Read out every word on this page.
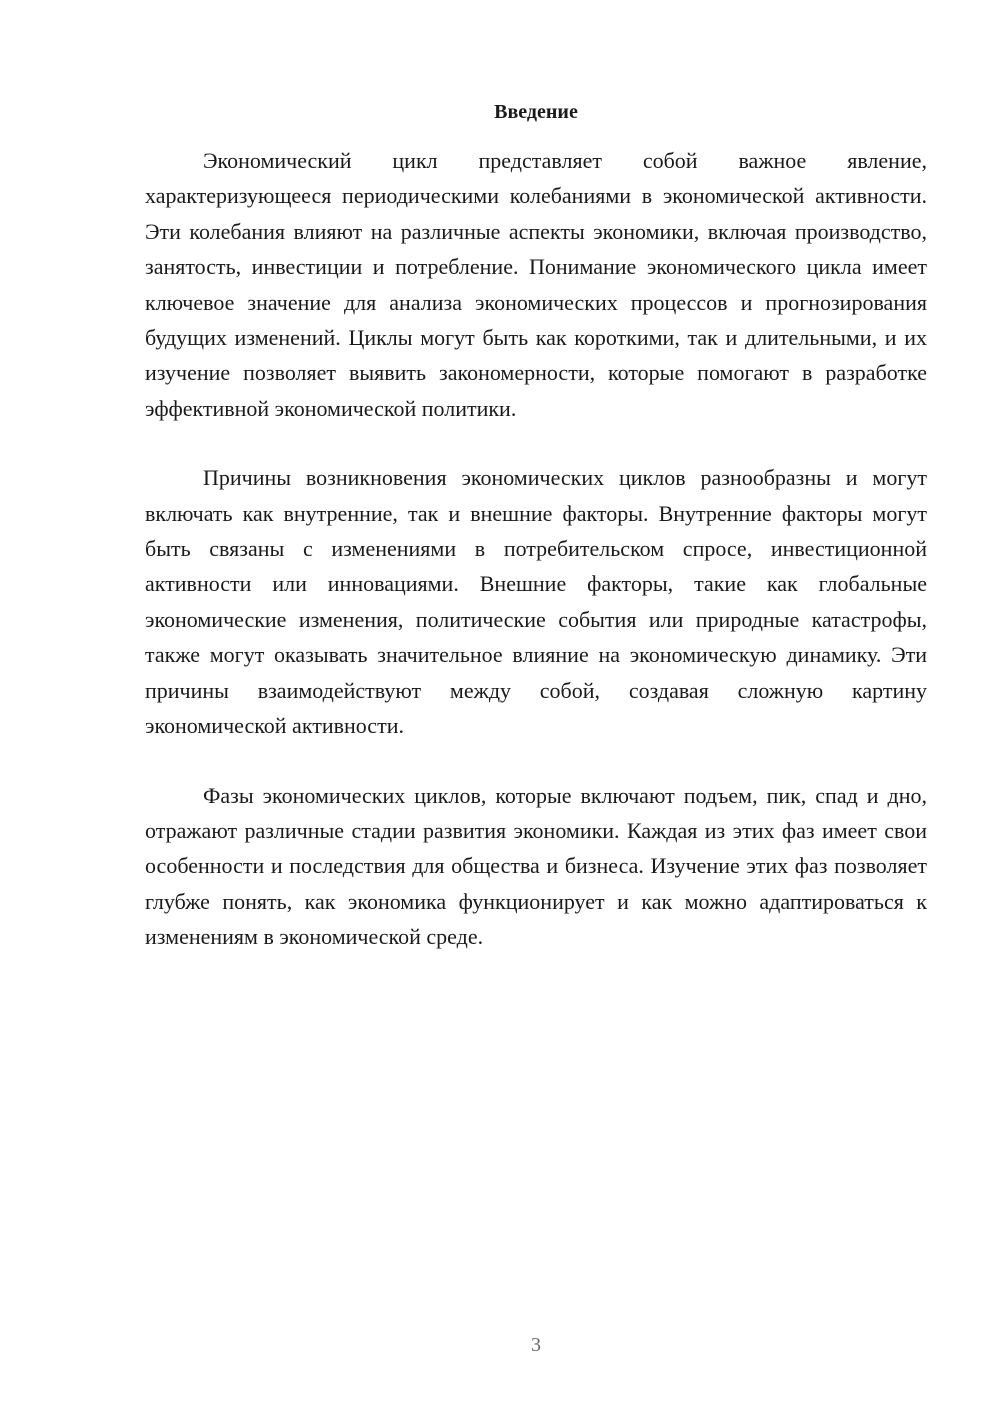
Введение

Экономический цикл представляет собой важное явление, характеризующееся периодическими колебаниями в экономической активности. Эти колебания влияют на различные аспекты экономики, включая производство, занятость, инвестиции и потребление. Понимание экономического цикла имеет ключевое значение для анализа экономических процессов и прогнозирования будущих изменений. Циклы могут быть как короткими, так и длительными, и их изучение позволяет выявить закономерности, которые помогают в разработке эффективной экономической политики.

Причины возникновения экономических циклов разнообразны и могут включать как внутренние, так и внешние факторы. Внутренние факторы могут быть связаны с изменениями в потребительском спросе, инвестиционной активности или инновациями. Внешние факторы, такие как глобальные экономические изменения, политические события или природные катастрофы, также могут оказывать значительное влияние на экономическую динамику. Эти причины взаимодействуют между собой, создавая сложную картину экономической активности.

Фазы экономических циклов, которые включают подъем, пик, спад и дно, отражают различные стадии развития экономики. Каждая из этих фаз имеет свои особенности и последствия для общества и бизнеса. Изучение этих фаз позволяет глубже понять, как экономика функционирует и как можно адаптироваться к изменениям в экономической среде.

3
